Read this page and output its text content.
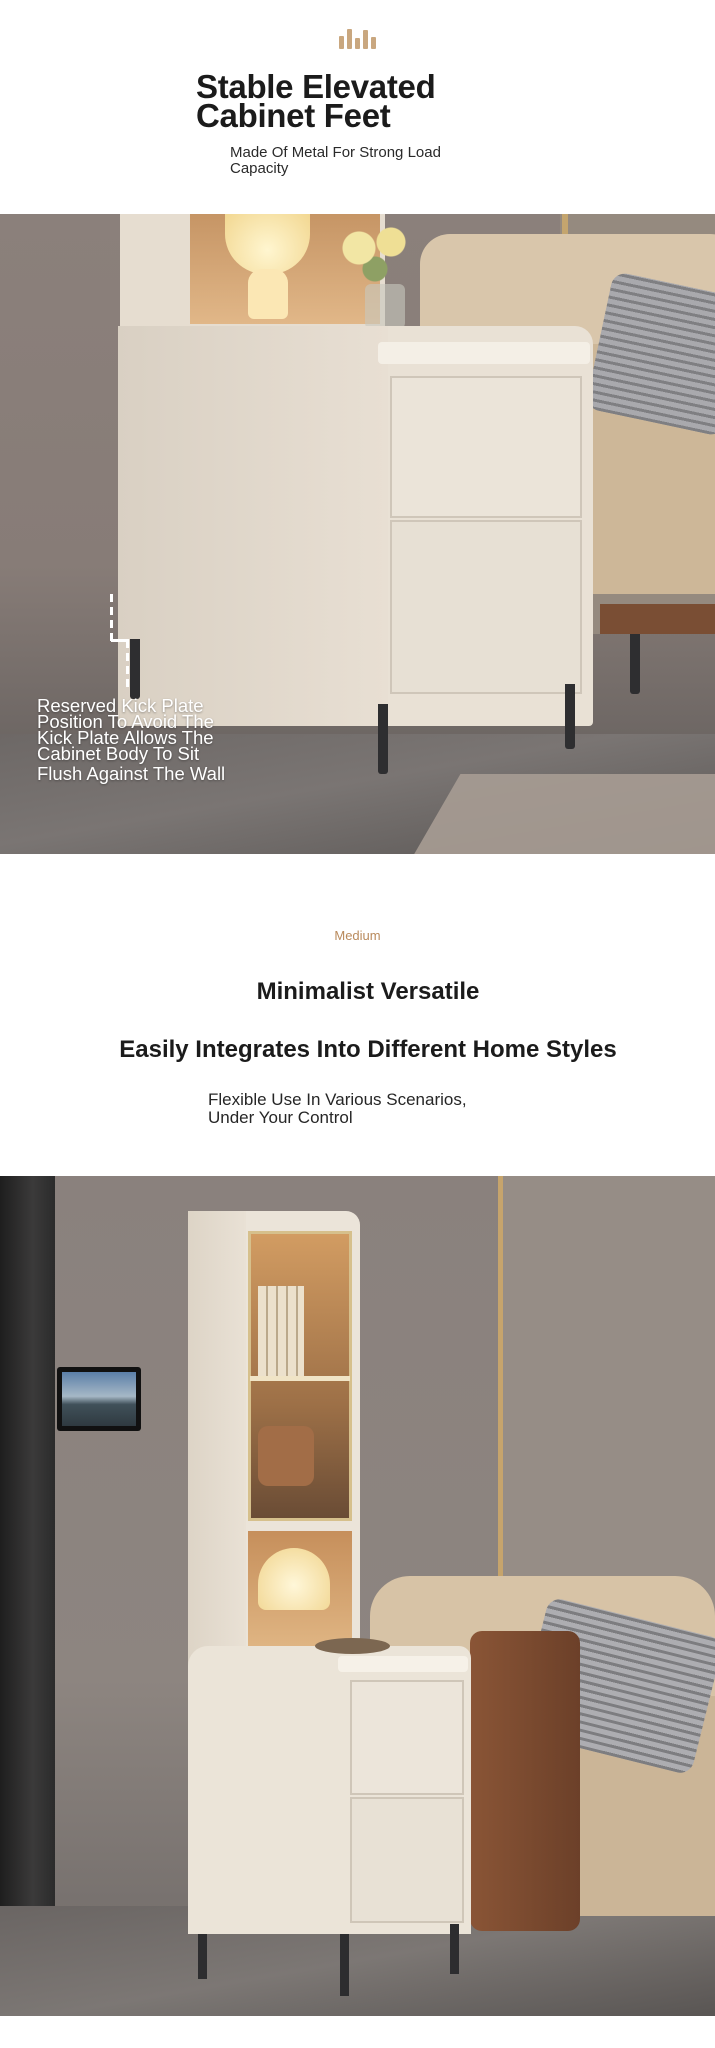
Stable Elevated
Cabinet Feet

Made Of Metal For Strong Load
Capacity

Reserved Kick Plate
Position To Avoid The
Kick Plate Allows The
Cabinet Body To Sit
Flush Against The Wall
Medium
Minimalist Versatile
Easily Integrates Into Different Home Styles

Flexible Use In Various Scenarios,
Under Your Control
